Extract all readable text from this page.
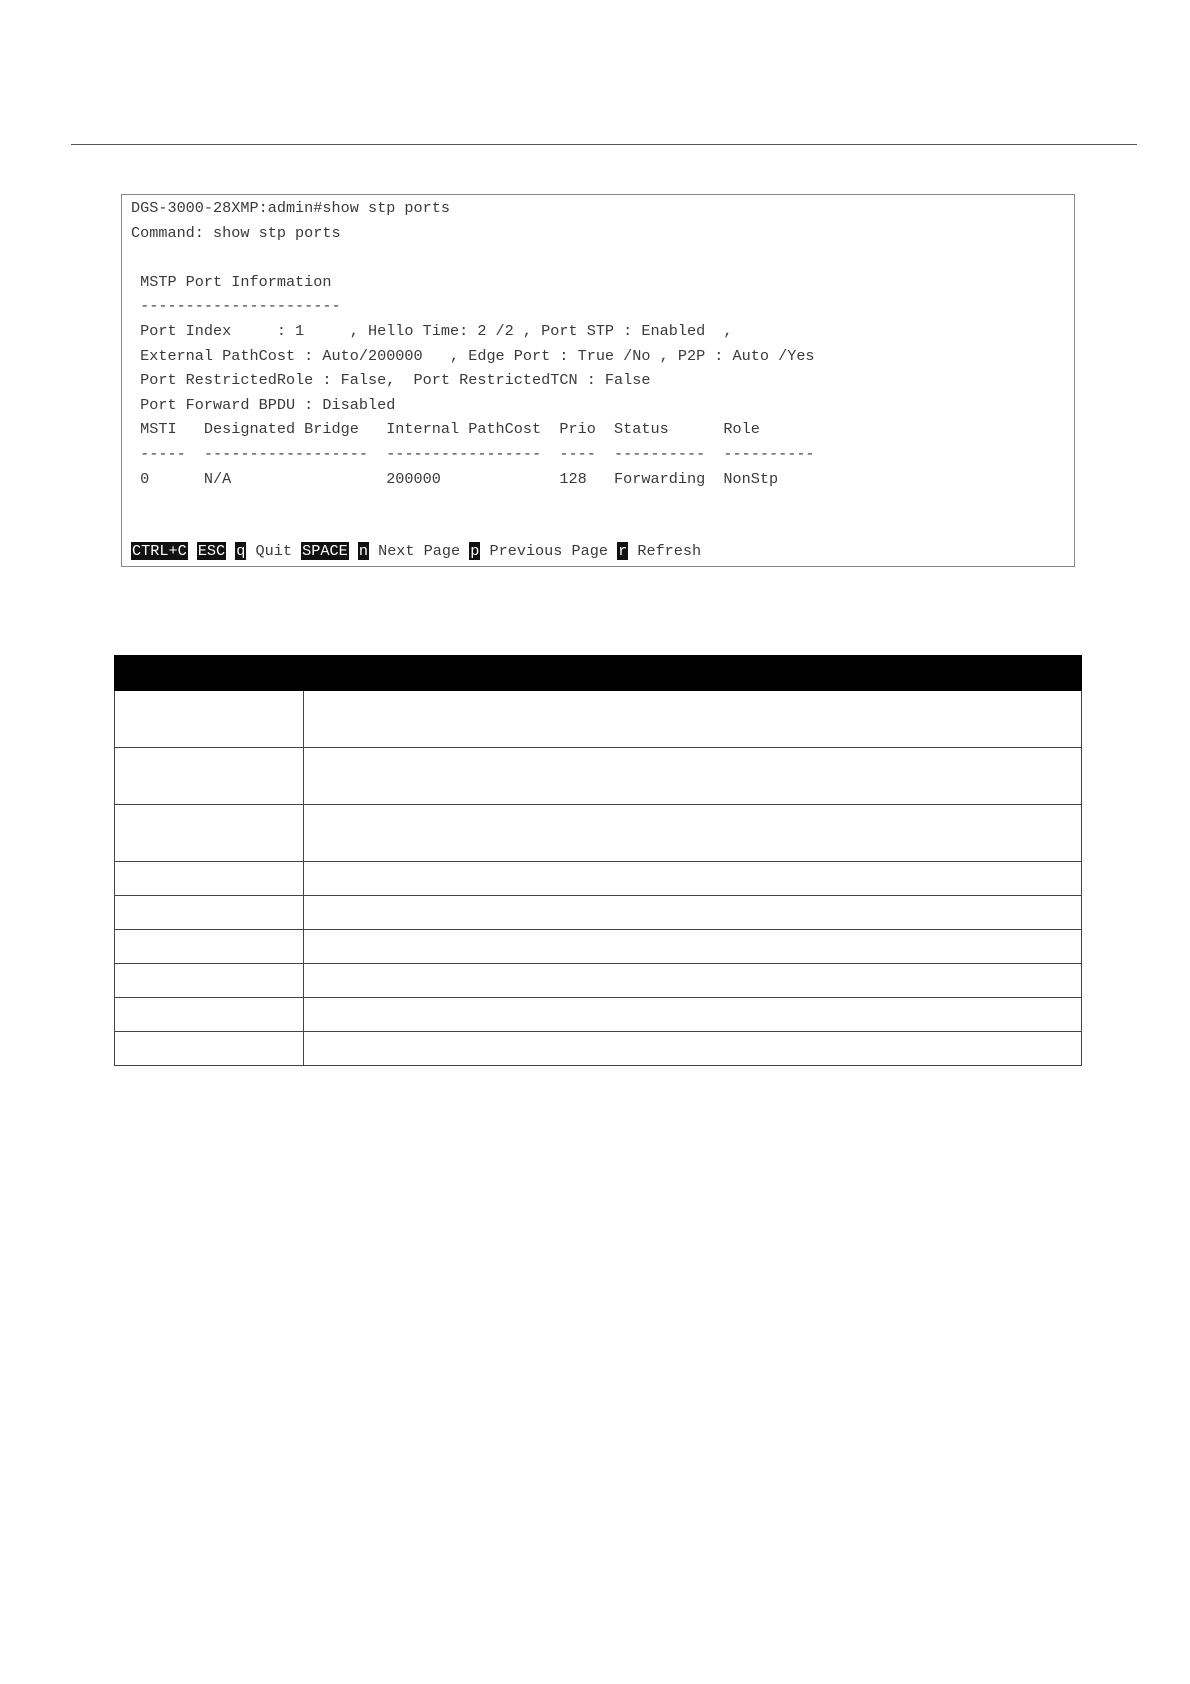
DGS-3000-28XMP:admin#show stp ports
Command: show stp ports
MSTP Port Information
----------------------
Port Index     : 1     , Hello Time: 2 /2 , Port STP : Enabled  ,
External PathCost : Auto/200000   , Edge Port : True /No , P2P : Auto /Yes
Port RestrictedRole : False,  Port RestrictedTCN : False
Port Forward BPDU : Disabled
MSTI   Designated Bridge   Internal PathCost  Prio  Status      Role
-----  ------------------  -----------------  ----  ----------  ----------
0      N/A                 200000             128   Forwarding  NonStp
CTRL+C ESC q Quit SPACE n Next Page p Previous Page r Refresh
